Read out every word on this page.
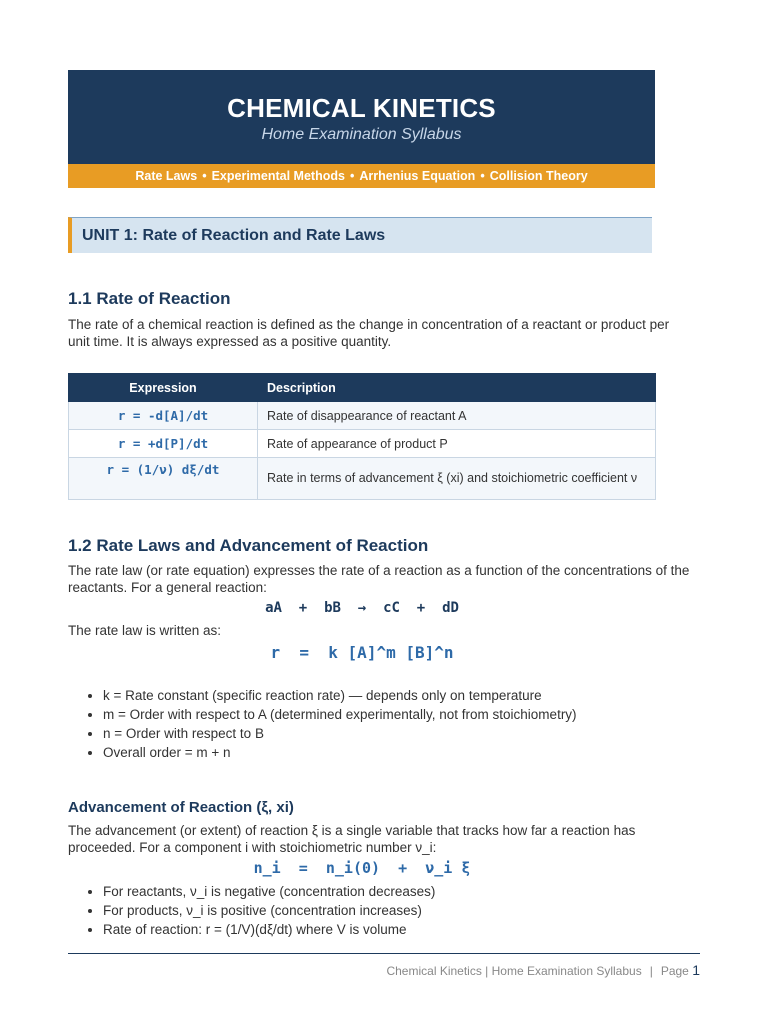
CHEMICAL KINETICS
Home Examination Syllabus
Rate Laws • Experimental Methods • Arrhenius Equation • Collision Theory
UNIT 1: Rate of Reaction and Rate Laws
1.1 Rate of Reaction

The rate of a chemical reaction is defined as the change in concentration of a reactant or product per unit time. It is always expressed as a positive quantity.

Expression	Description
r = -d[A]/dt	Rate of disappearance of reactant A
r = +d[P]/dt	Rate of appearance of product P
r = (1/ν) dξ/dt	Rate in terms of advancement ξ (xi) and stoichiometric coefficient ν
1.2 Rate Laws and Advancement of Reaction

The rate law (or rate equation) expresses the rate of a reaction as a function of the concentrations of the reactants. For a general reaction:

aA  +  bB  →  cC  +  dD

The rate law is written as:

r  =  k [A]^m [B]^n
• k = Rate constant (specific reaction rate) — depends only on temperature
• m = Order with respect to A (determined experimentally, not from stoichiometry)
• n = Order with respect to B
• Overall order = m + n
Advancement of Reaction (ξ, xi)

The advancement (or extent) of reaction ξ is a single variable that tracks how far a reaction has proceeded. For a component i with stoichiometric number ν_i:

n_i  =  n_i(0)  +  ν_i ξ
• For reactants, ν_i is negative (concentration decreases)
• For products, ν_i is positive (concentration increases)
• Rate of reaction: r = (1/V)(dξ/dt) where V is volume
Chemical Kinetics | Home Examination Syllabus | Page 1
